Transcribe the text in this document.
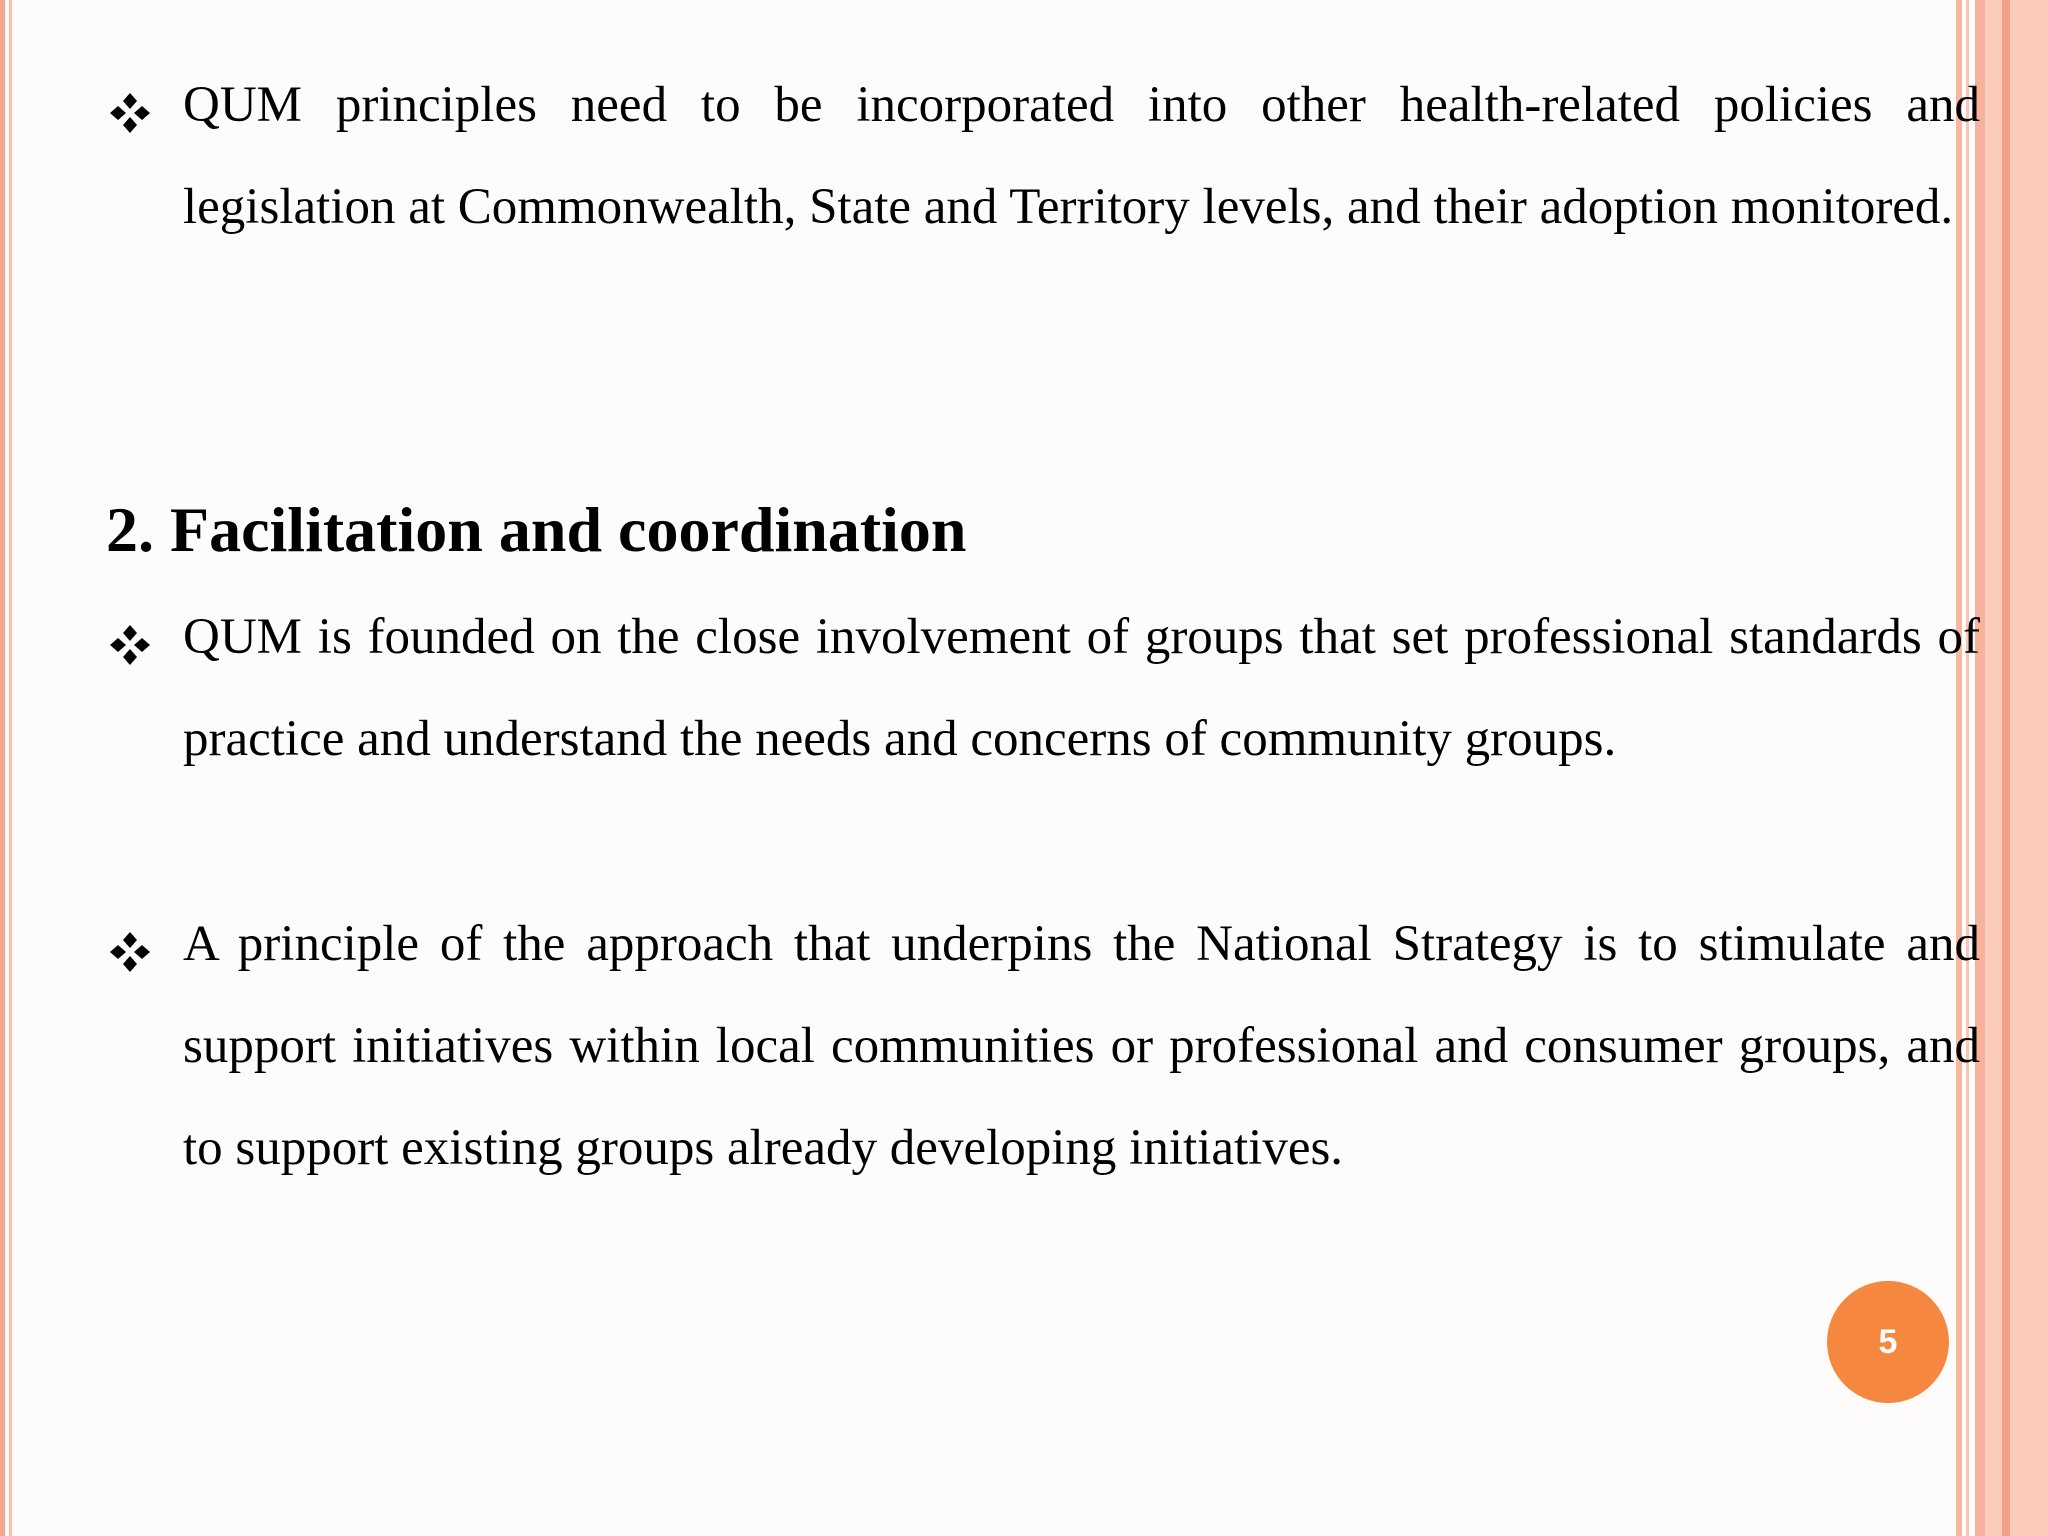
QUM principles need to be incorporated into other health-related policies and legislation at Commonwealth, State and Territory levels, and their adoption monitored.

2. Facilitation and coordination

QUM is founded on the close involvement of groups that set professional standards of practice and understand the needs and concerns of community groups.

A principle of the approach that underpins the National Strategy is to stimulate and support initiatives within local communities or professional and consumer groups, and to support existing groups already developing initiatives.

5
